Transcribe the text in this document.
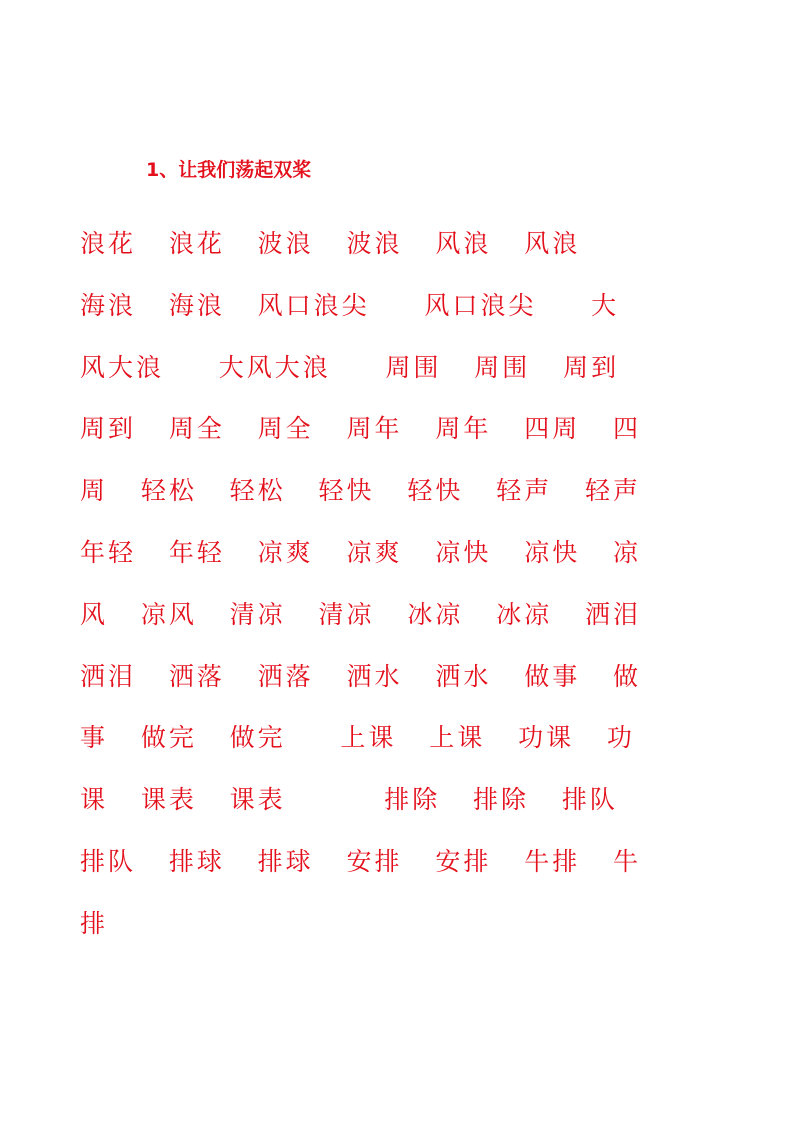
1、让我们荡起双桨
浪花   浪花   波浪   波浪   风浪   风浪
海浪   海浪   风口浪尖     风口浪尖     大
风大浪     大风大浪     周围   周围   周到
周到   周全   周全   周年   周年   四周   四
周   轻松   轻松   轻快   轻快   轻声   轻声
年轻   年轻   凉爽   凉爽   凉快   凉快   凉
风   凉风   清凉   清凉   冰凉   冰凉   洒泪
洒泪   洒落   洒落   洒水   洒水   做事   做
事   做完   做完     上课   上课   功课   功
课   课表   课表         排除   排除   排队
排队   排球   排球   安排   安排   牛排   牛
排
